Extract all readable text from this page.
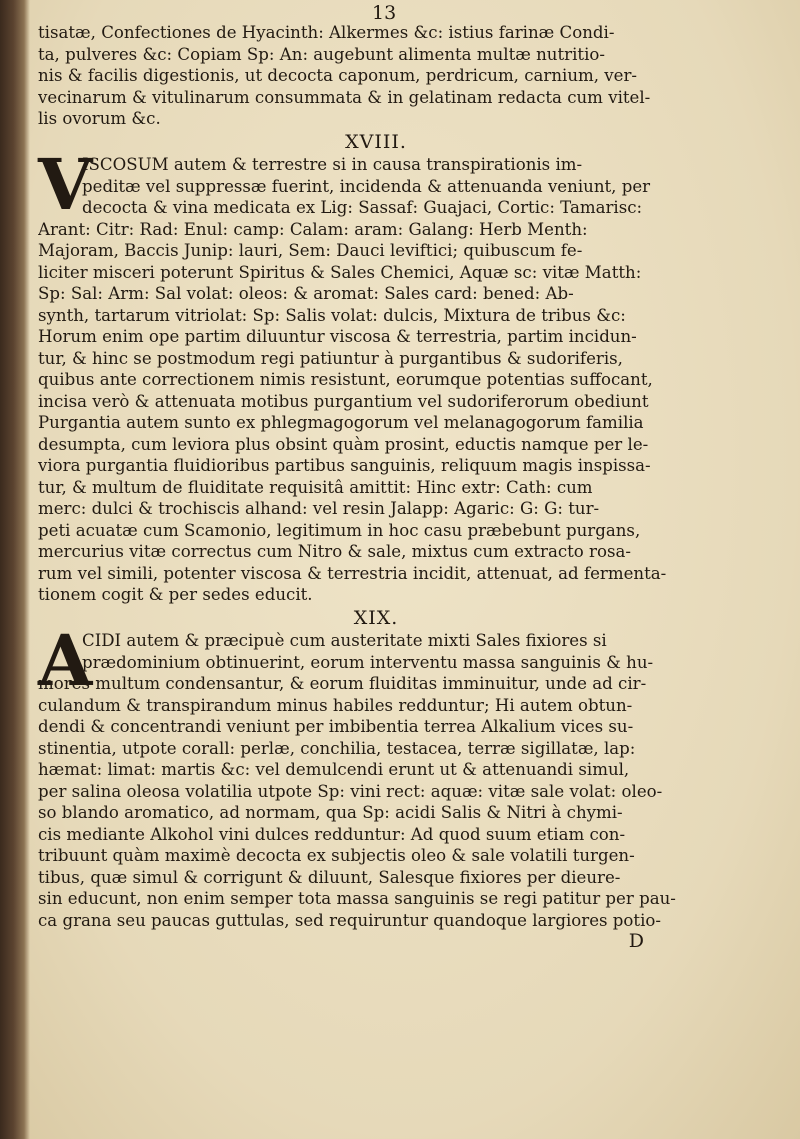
13
tisatæ, Confectiones de Hyacinth: Alkermes &c: istius farinæ Condi-
ta, pulveres &c: Copiam Sp: An: augebunt alimenta multæ nutritio-
nis & facilis digestionis, ut decocta caponum, perdricum, carnium, ver-
vecinarum & vitulinarum consummata & in gelatinam redacta cum vitel-
lis ovorum &c.
XVIII.
V
ISCOSUM autem & terrestre si in causa transpirationis im-
peditæ vel suppressæ fuerint, incidenda & attenuanda veniunt, per
decocta & vina medicata ex Lig: Sassaf: Guajaci, Cortic: Tamarisc:
Arant: Citr: Rad: Enul: camp: Calam: aram: Galang: Herb Menth:
Majoram, Baccis Junip: lauri, Sem: Dauci leviftici; quibuscum fe-
liciter misceri poterunt Spiritus & Sales Chemici, Aquæ sc: vitæ Matth:
Sp: Sal: Arm: Sal volat: oleos: & aromat: Sales card: bened: Ab-
synth, tartarum vitriolat: Sp: Salis volat: dulcis, Mixtura de tribus &c:
Horum enim ope partim diluuntur viscosa & terrestria, partim incidun-
tur, & hinc se postmodum regi patiuntur à purgantibus & sudoriferis,
quibus ante correctionem nimis resistunt, eorumque potentias suffocant,
incisa verò & attenuata motibus purgantium vel sudoriferorum obediunt
Purgantia autem sunto ex phlegmagogorum vel melanagogorum familia
desumpta, cum leviora plus obsint quàm prosint, eductis namque per le-
viora purgantia fluidioribus partibus sanguinis, reliquum magis inspissa-
tur, & multum de fluiditate requisitâ amittit: Hinc extr: Cath: cum
merc: dulci & trochiscis alhand: vel resin Jalapp: Agaric: G: G: tur-
peti acuatæ cum Scamonio, legitimum in hoc casu præbebunt purgans,
mercurius vitæ correctus cum Nitro & sale, mixtus cum extracto rosa-
rum vel simili, potenter viscosa & terrestria incidit, attenuat, ad fermenta-
tionem cogit & per sedes educit.
XIX.
A
CIDI autem & præcipuè cum austeritate mixti Sales fixiores si
prædominium obtinuerint, eorum interventu massa sanguinis & hu-
mores multum condensantur, & eorum fluiditas imminuitur, unde ad cir-
culandum & transpirandum minus habiles redduntur; Hi autem obtun-
dendi & concentrandi veniunt per imbibentia terrea Alkalium vices su-
stinentia, utpote corall: perlæ, conchilia, testacea, terræ sigillatæ, lap:
hæmat: limat: martis &c: vel demulcendi erunt ut & attenuandi simul,
per salina oleosa volatilia utpote Sp: vini rect: aquæ: vitæ sale volat: oleo-
so blando aromatico, ad normam, qua Sp: acidi Salis & Nitri à chymi-
cis mediante Alkohol vini dulces redduntur: Ad quod suum etiam con-
tribuunt quàm maximè decocta ex subjectis oleo & sale volatili turgen-
tibus, quæ simul & corrigunt & diluunt, Salesque fixiores per dieure-
sin educunt, non enim semper tota massa sanguinis se regi patitur per pau-
ca grana seu paucas guttulas, sed requiruntur quandoque largiores potio-
D
